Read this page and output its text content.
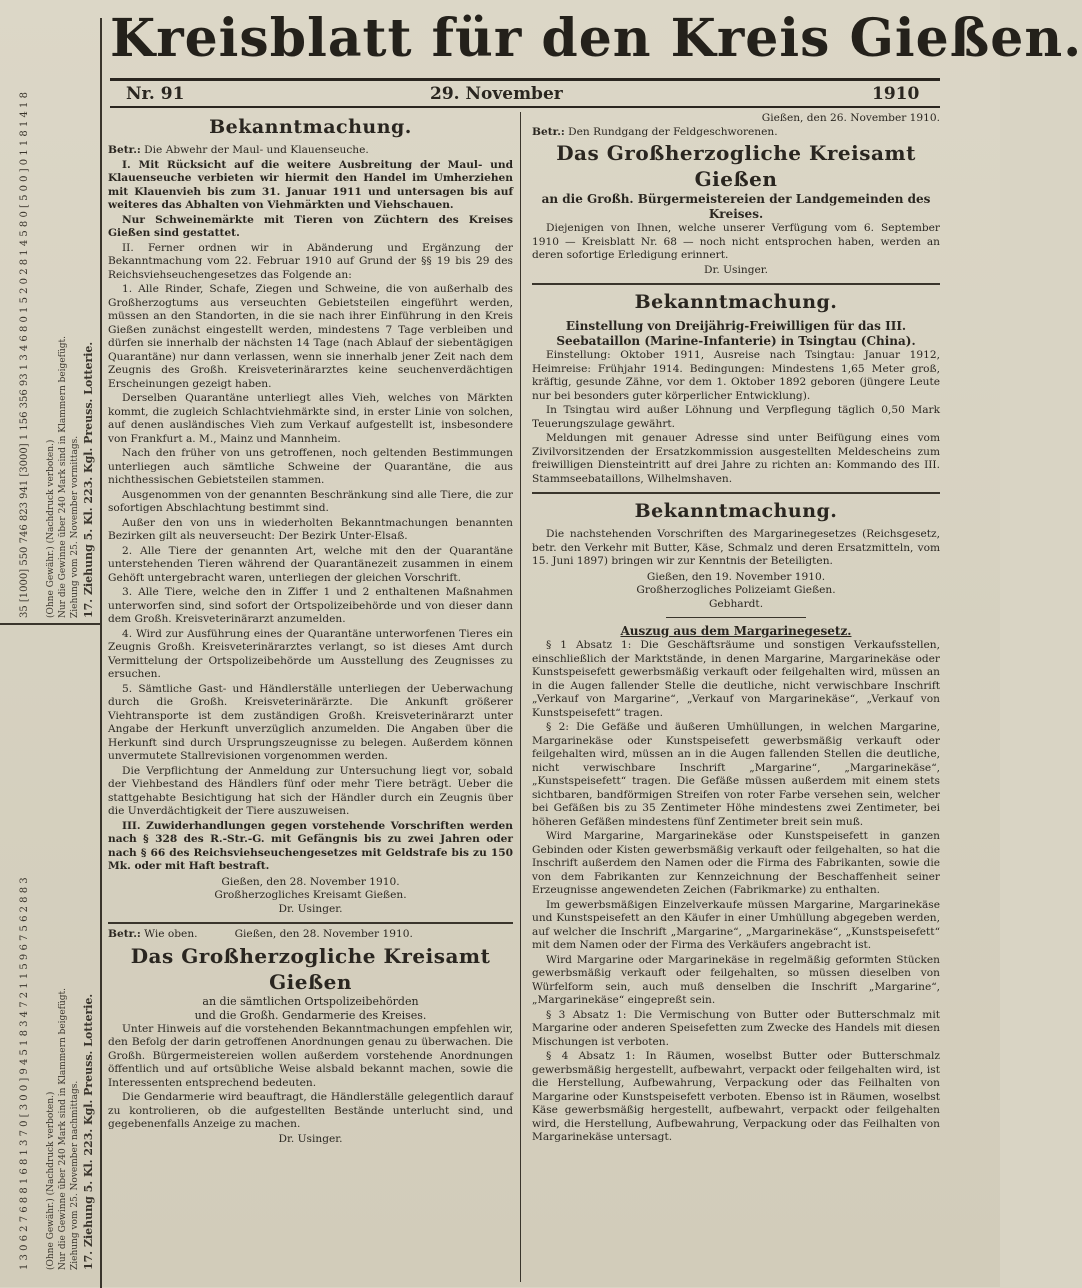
Kreisblatt für den Kreis Gießen.
Nr. 91	29. November	1910
17. Ziehung 5. Kl. 223. Kgl. Preuss. Lotterie.
Ziehung vom 25. November vormittags.
Nur die Gewinne über 240 Mark sind in Klammern beigefügt.
(Ohne Gewähr.) (Nachdruck verboten.)
35 [1000] 550 746 823 941 [3000] 1 156 356 93 1 3 4 6 8 0 1 5 2 0 2 8 1 4 5 8 0 [ 5 0 0 ] 0 1 1 8 1 4 1 8
17. Ziehung 5. Kl. 223. Kgl. Preuss. Lotterie.
Ziehung vom 25. November nachmittags.
Nur die Gewinne über 240 Mark sind in Klammern beigefügt.
(Ohne Gewähr.) (Nachdruck verboten.)
1 3 0 6 2 7 6 8 8 1 6 8 1 3 7 0 [ 3 0 0 ] 9 4 5 1 8 3 4 7 2 1 1 5 9 6 7 5 6 2 8 8 3
Bekanntmachung.

Betr.: Die Abwehr der Maul- und Klauenseuche.

I. Mit Rücksicht auf die weitere Ausbreitung der Maul- und Klauenseuche verbieten wir hiermit den Handel im Umherziehen mit Klauenvieh bis zum 31. Januar 1911 und untersagen bis auf weiteres das Abhalten von Viehmärkten und Viehschauen.

Nur Schweinemärkte mit Tieren von Züchtern des Kreises Gießen sind gestattet.

II. Ferner ordnen wir in Abänderung und Ergänzung der Bekanntmachung vom 22. Februar 1910 auf Grund der §§ 19 bis 29 des Reichsviehseuchengesetzes das Folgende an:

1. Alle Rinder, Schafe, Ziegen und Schweine, die von außerhalb des Großherzogtums aus verseuchten Gebietsteilen eingeführt werden, müssen an den Standorten, in die sie nach ihrer Einführung in den Kreis Gießen zunächst eingestellt werden, mindestens 7 Tage verbleiben und dürfen sie innerhalb der nächsten 14 Tage (nach Ablauf der siebentägigen Quarantäne) nur dann verlassen, wenn sie innerhalb jener Zeit nach dem Zeugnis des Großh. Kreisveterinärarztes keine seuchenverdächtigen Erscheinungen gezeigt haben.

Derselben Quarantäne unterliegt alles Vieh, welches von Märkten kommt, die zugleich Schlachtviehmärkte sind, in erster Linie von solchen, auf denen ausländisches Vieh zum Verkauf aufgestellt ist, insbesondere von Frankfurt a. M., Mainz und Mannheim.

Nach den früher von uns getroffenen, noch geltenden Bestimmungen unterliegen auch sämtliche Schweine der Quarantäne, die aus nichthessischen Gebietsteilen stammen.

Ausgenommen von der genannten Beschränkung sind alle Tiere, die zur sofortigen Abschlachtung bestimmt sind.

Außer den von uns in wiederholten Bekanntmachungen benannten Bezirken gilt als neuverseucht: Der Bezirk Unter-Elsaß.

2. Alle Tiere der genannten Art, welche mit den der Quarantäne unterstehenden Tieren während der Quarantänezeit zusammen in einem Gehöft untergebracht waren, unterliegen der gleichen Vorschrift.

3. Alle Tiere, welche den in Ziffer 1 und 2 enthaltenen Maßnahmen unterworfen sind, sind sofort der Ortspolizeibehörde und von dieser dann dem Großh. Kreisveterinärarzt anzumelden.

4. Wird zur Ausführung eines der Quarantäne unterworfenen Tieres ein Zeugnis Großh. Kreisveterinärarztes verlangt, so ist dieses Amt durch Vermittelung der Ortspolizeibehörde um Ausstellung des Zeugnisses zu ersuchen.

5. Sämtliche Gast- und Händlerställe unterliegen der Ueberwachung durch die Großh. Kreisveterinärärzte. Die Ankunft größerer Viehtransporte ist dem zuständigen Großh. Kreisveterinärarzt unter Angabe der Herkunft unverzüglich anzumelden. Die Angaben über die Herkunft sind durch Ursprungszeugnisse zu belegen. Außerdem können unvermutete Stallrevisionen vorgenommen werden.

Die Verpflichtung der Anmeldung zur Untersuchung liegt vor, sobald der Viehbestand des Händlers fünf oder mehr Tiere beträgt. Ueber die stattgehabte Besichtigung hat sich der Händler durch ein Zeugnis über die Unverdächtigkeit der Tiere auszuweisen.

III. Zuwiderhandlungen gegen vorstehende Vorschriften werden nach § 328 des R.-Str.-G. mit Gefängnis bis zu zwei Jahren oder nach § 66 des Reichsviehseuchengesetzes mit Geldstrafe bis zu 150 Mk. oder mit Haft bestraft.

Gießen, den 28. November 1910.
Großherzogliches Kreisamt Gießen.
Dr. Usinger.

Betr.: Wie oben.	Gießen, den 28. November 1910.

Das Großherzogliche Kreisamt Gießen
an die sämtlichen Ortspolizeibehörden
und die Großh. Gendarmerie des Kreises.

Unter Hinweis auf die vorstehenden Bekanntmachungen empfehlen wir, den Befolg der darin getroffenen Anordnungen genau zu überwachen. Die Großh. Bürgermeistereien wollen außerdem vorstehende Anordnungen öffentlich und auf ortsübliche Weise alsbald bekannt machen, sowie die Interessenten entsprechend bedeuten.

Die Gendarmerie wird beauftragt, die Händlerställe gelegentlich darauf zu kontrolieren, ob die aufgestellten Bestände unterlucht sind, und gegebenenfalls Anzeige zu machen.

Dr. Usinger.
Gießen, den 26. November 1910.

Betr.: Den Rundgang der Feldgeschworenen.

Das Großherzogliche Kreisamt Gießen
an die Großh. Bürgermeistereien der Landgemeinden des Kreises.

Diejenigen von Ihnen, welche unserer Verfügung vom 6. September 1910 — Kreisblatt Nr. 68 — noch nicht entsprochen haben, werden an deren sofortige Erledigung erinnert.

Dr. Usinger.
Bekanntmachung.
Einstellung von Dreijährig-Freiwilligen für das III. Seebataillon (Marine-Infanterie) in Tsingtau (China).

Einstellung: Oktober 1911, Ausreise nach Tsingtau: Januar 1912, Heimreise: Frühjahr 1914. Bedingungen: Mindestens 1,65 Meter groß, kräftig, gesunde Zähne, vor dem 1. Oktober 1892 geboren (jüngere Leute nur bei besonders guter körperlicher Entwicklung).

In Tsingtau wird außer Löhnung und Verpflegung täglich 0,50 Mark Teuerungszulage gewährt.

Meldungen mit genauer Adresse sind unter Beifügung eines vom Zivilvorsitzenden der Ersatzkommission ausgestellten Meldescheins zum freiwilligen Diensteintritt auf drei Jahre zu richten an: Kommando des III. Stammseebataillons, Wilhelmshaven.

Bekanntmachung.

Die nachstehenden Vorschriften des Margarinegesetzes (Reichsgesetz, betr. den Verkehr mit Butter, Käse, Schmalz und deren Ersatzmitteln, vom 15. Juni 1897) bringen wir zur Kenntnis der Beteiligten.

Gießen, den 19. November 1910.
Großherzogliches Polizeiamt Gießen.
Gebhardt.
Auszug aus dem Margarinegesetz.

§ 1 Absatz 1: Die Geschäftsräume und sonstigen Verkaufsstellen, einschließlich der Marktstände, in denen Margarine, Margarinekäse oder Kunstspeisefett gewerbsmäßig verkauft oder feilgehalten wird, müssen an in die Augen fallender Stelle die deutliche, nicht verwischbare Inschrift „Verkauf von Margarine“, „Verkauf von Margarinekäse“, „Verkauf von Kunstspeisefett“ tragen.

§ 2: Die Gefäße und äußeren Umhüllungen, in welchen Margarine, Margarinekäse oder Kunstspeisefett gewerbsmäßig verkauft oder feilgehalten wird, müssen an in die Augen fallenden Stellen die deutliche, nicht verwischbare Inschrift „Margarine“, „Margarinekäse“, „Kunstspeisefett“ tragen. Die Gefäße müssen außerdem mit einem stets sichtbaren, bandförmigen Streifen von roter Farbe versehen sein, welcher bei Gefäßen bis zu 35 Zentimeter Höhe mindestens zwei Zentimeter, bei höheren Gefäßen mindestens fünf Zentimeter breit sein muß.

Wird Margarine, Margarinekäse oder Kunstspeisefett in ganzen Gebinden oder Kisten gewerbsmäßig verkauft oder feilgehalten, so hat die Inschrift außerdem den Namen oder die Firma des Fabrikanten, sowie die von dem Fabrikanten zur Kennzeichnung der Beschaffenheit seiner Erzeugnisse angewendeten Zeichen (Fabrikmarke) zu enthalten.

Im gewerbsmäßigen Einzelverkaufe müssen Margarine, Margarinekäse und Kunstspeisefett an den Käufer in einer Umhüllung abgegeben werden, auf welcher die Inschrift „Margarine“, „Margarinekäse“, „Kunstspeisefett“ mit dem Namen oder der Firma des Verkäufers angebracht ist.

Wird Margarine oder Margarinekäse in regelmäßig geformten Stücken gewerbsmäßig verkauft oder feilgehalten, so müssen dieselben von Würfelform sein, auch muß denselben die Inschrift „Margarine“, „Margarinekäse“ eingepreßt sein.

§ 3 Absatz 1: Die Vermischung von Butter oder Butterschmalz mit Margarine oder anderen Speisefetten zum Zwecke des Handels mit diesen Mischungen ist verboten.

§ 4 Absatz 1: In Räumen, woselbst Butter oder Butterschmalz gewerbsmäßig hergestellt, aufbewahrt, verpackt oder feilgehalten wird, ist die Herstellung, Aufbewahrung, Verpackung oder das Feilhalten von Margarine oder Kunstspeisefett verboten. Ebenso ist in Räumen, woselbst Käse gewerbsmäßig hergestellt, aufbewahrt, verpackt oder feilgehalten wird, die Herstellung, Aufbewahrung, Verpackung oder das Feilhalten von Margarinekäse untersagt.
